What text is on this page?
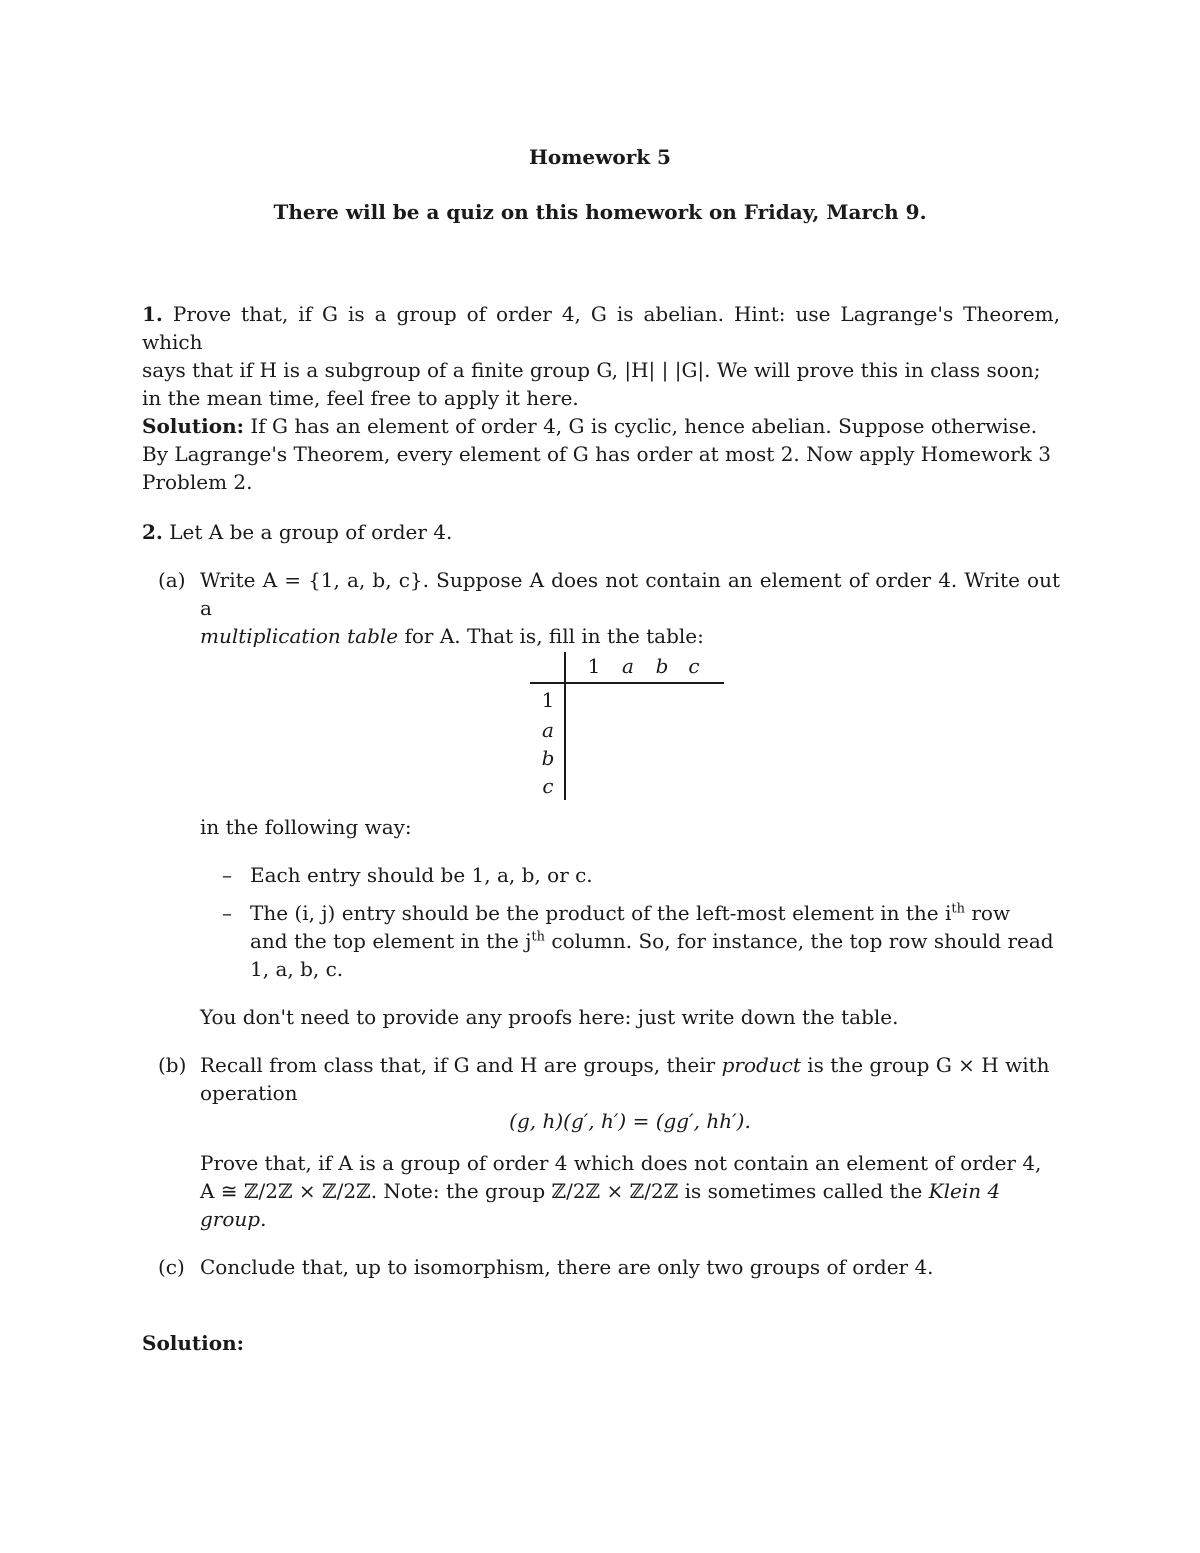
Homework 5
There will be a quiz on this homework on Friday, March 9.
1. Prove that, if G is a group of order 4, G is abelian. Hint: use Lagrange's Theorem, which
says that if H is a subgroup of a finite group G, |H| | |G|. We will prove this in class soon;
in the mean time, feel free to apply it here.
Solution: If G has an element of order 4, G is cyclic, hence abelian. Suppose otherwise.
By Lagrange's Theorem, every element of G has order at most 2. Now apply Homework 3
Problem 2.
2. Let A be a group of order 4.
(a) Write A = {1, a, b, c}. Suppose A does not contain an element of order 4. Write out a
multiplication table for A. That is, fill in the table:
1	a	b c
1
a
b
c
in the following way:
– Each entry should be 1, a, b, or c.
– The (i, j) entry should be the product of the left-most element in the $i^{th}$ row
and the top element in the $j^{th}$ column. So, for instance, the top row should read
1, a, b, c.
You don't need to provide any proofs here: just write down the table.
(b) Recall from class that, if G and H are groups, their product is the group G × H with
operation
(g, h)(g′, h′) = (gg′, hh′).
Prove that, if A is a group of order 4 which does not contain an element of order 4,
A ≅ ℤ/2ℤ × ℤ/2ℤ. Note: the group ℤ/2ℤ × ℤ/2ℤ is sometimes called the Klein 4
group.
(c) Conclude that, up to isomorphism, there are only two groups of order 4.
Solution:
